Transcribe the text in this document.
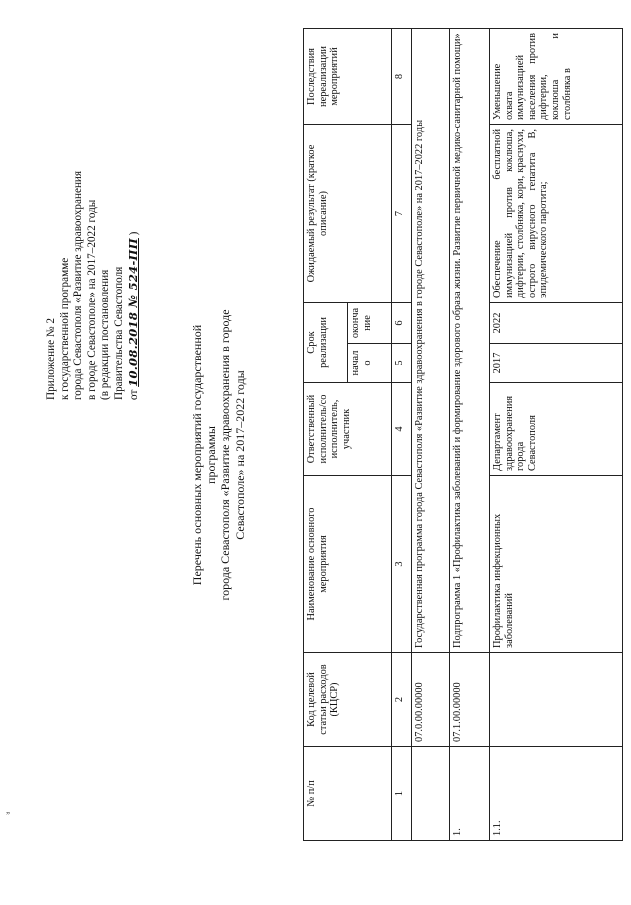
Приложение № 2 к государственной программе города Севастополя «Развитие здравоохранения в городе Севастополе» на 2017–2022 годы (в редакции постановления Правительства Севастополя от 10.08.2018 № 524-ПП )
Перечень основных мероприятий государственной программы города Севастополя «Развитие здравоохранения в городе Севастополе» на 2017–2022 годы
№ п/п	Код целевой статьи расходов (КЦСР)	Наименование основного мероприятия	Ответственный исполнитель/со исполнитель, участник	Срок реализации		Ожидаемый результат (краткое описание)	Последствия нереализации мероприятий
				начало	оконча ние		
1	2	3	4	5	6	7	8
	07.0.00.00000	Государственная программа города Севастополя «Развитие здравоохранения в городе Севастополе» на 2017–2022 годы					
1.	07.1.00.00000	Подпрограмма 1 «Профилактика заболеваний и формирование здорового образа жизни. Развитие первичной медико-санитарной помощи»					
1.1.		Профилактика инфекционных заболеваний	Департамент здравоохранения города Севастополя	2017	2022	Обеспечение бесплатной иммунизацией против коклюша, дифтерии, столбняка, кори, краснухи, острого вирусного гепатита В, эпидемического паротита;	Уменьшение охвата иммунизацией населения против дифтерии, коклюша и столбняка в
„
